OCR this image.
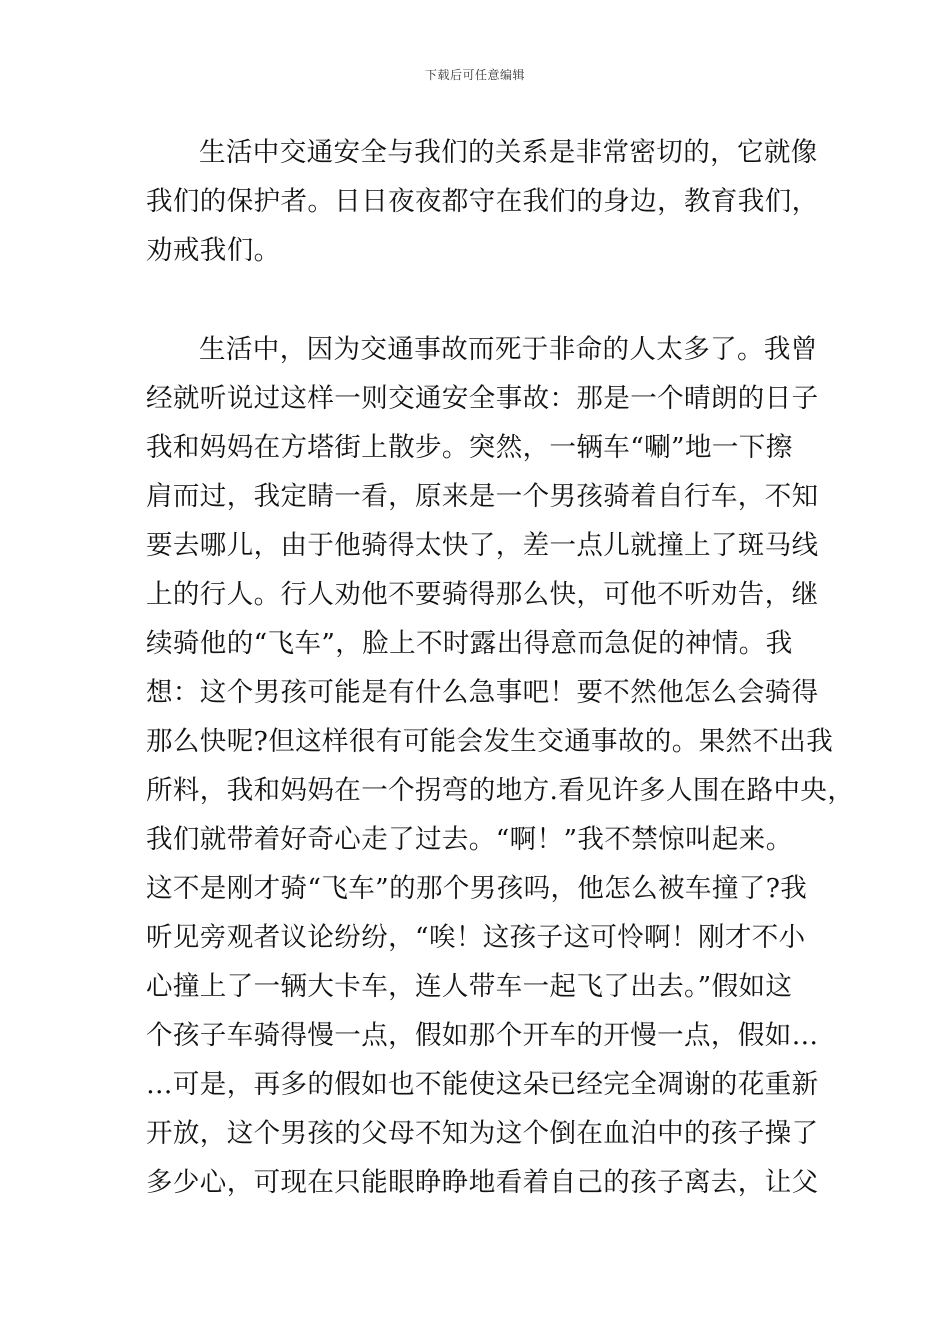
下载后可任意编辑
生活中交通安全与我们的关系是非常密切的，它就像
我们的保护者。日日夜夜都守在我们的身边，教育我们，
劝戒我们。
生活中，因为交通事故而死于非命的人太多了。我曾
经就听说过这样一则交通安全事故：那是一个晴朗的日子
我和妈妈在方塔街上散步。突然，一辆车“唰”地一下擦
肩而过，我定睛一看，原来是一个男孩骑着自行车，不知
要去哪儿，由于他骑得太快了，差一点儿就撞上了斑马线
上的行人。行人劝他不要骑得那么快，可他不听劝告，继
续骑他的“飞车”，脸上不时露出得意而急促的神情。我
想：这个男孩可能是有什么急事吧！要不然他怎么会骑得
那么快呢?但这样很有可能会发生交通事故的。果然不出我
所料，我和妈妈在一个拐弯的地方.看见许多人围在路中央，
我们就带着好奇心走了过去。“啊！”我不禁惊叫起来。
这不是刚才骑“飞车”的那个男孩吗，他怎么被车撞了?我
听见旁观者议论纷纷，“唉！这孩子这可怜啊！刚才不小
心撞上了一辆大卡车，连人带车一起飞了出去。”假如这
个孩子车骑得慢一点，假如那个开车的开慢一点，假如…
…可是，再多的假如也不能使这朵已经完全凋谢的花重新
开放，这个男孩的父母不知为这个倒在血泊中的孩子操了
多少心，可现在只能眼睁睁地看着自己的孩子离去，让父
